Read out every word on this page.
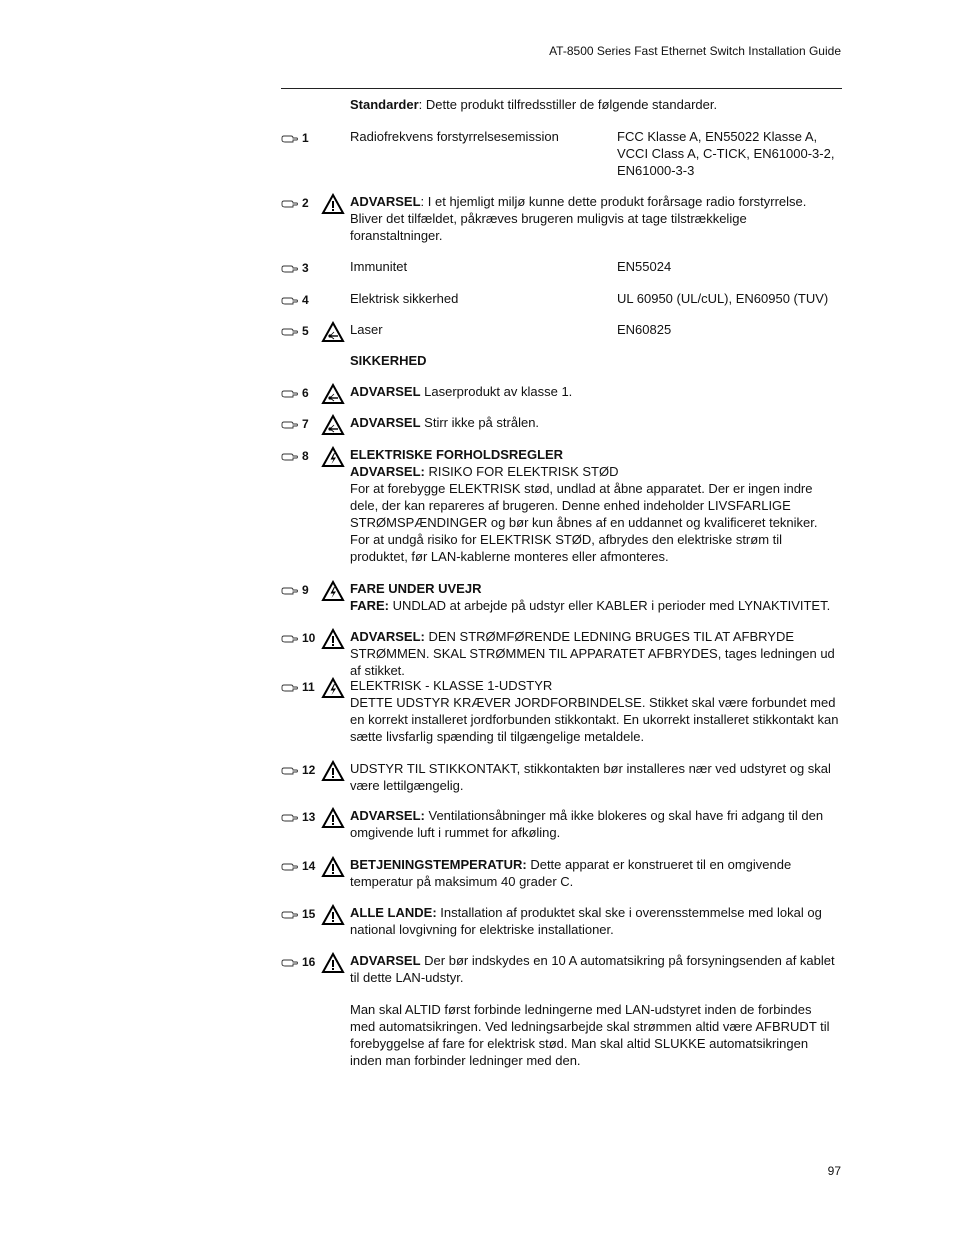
AT-8500 Series Fast Ethernet Switch Installation Guide
Standarder: Dette produkt tilfredsstiller de følgende standarder.
1	Radiofrekvens forstyrrelsesemission	FCC Klasse A, EN55022 Klasse A, VCCI Class A, C-TICK, EN61000-3-2, EN61000-3-3
2	ADVARSEL: I et hjemligt miljø kunne dette produkt forårsage radio forstyrrelse. Bliver det tilfældet, påkræves brugeren muligvis at tage tilstrækkelige foranstaltninger.
3	Immunitet	EN55024
4	Elektrisk sikkerhed	UL 60950 (UL/cUL), EN60950 (TUV)
5	Laser	EN60825
SIKKERHED
6	ADVARSEL Laserprodukt av klasse 1.
7	ADVARSEL Stirr ikke på strålen.
8	ELEKTRISKE FORHOLDSREGLER

ADVARSEL: RISIKO FOR ELEKTRISK STØD

For at forebygge ELEKTRISK stød, undlad at åbne apparatet. Der er ingen indre dele, der kan repareres af brugeren. Denne enhed indeholder LIVSFARLIGE STRØMSPÆNDINGER og bør kun åbnes af en uddannet og kvalificeret tekniker. For at undgå risiko for ELEKTRISK STØD, afbrydes den elektriske strøm til produktet, før LAN-kablerne monteres eller afmonteres.

9	FARE UNDER UVEJR

FARE: UNDLAD at arbejde på udstyr eller KABLER i perioder med LYNAKTIVITET.

10	ADVARSEL: DEN STRØMFØRENDE LEDNING BRUGES TIL AT AFBRYDE STRØMMEN. SKAL STRØMMEN TIL APPARATET AFBRYDES, tages ledningen ud af stikket.
11	ELEKTRISK - KLASSE 1-UDSTYR

DETTE UDSTYR KRÆVER JORDFORBINDELSE. Stikket skal være forbundet med en korrekt installeret jordforbunden stikkontakt. En ukorrekt installeret stikkontakt kan sætte livsfarlig spænding til tilgængelige metaldele.

12	UDSTYR TIL STIKKONTAKT, stikkontakten bør installeres nær ved udstyret og skal være lettilgængelig.
13	ADVARSEL: Ventilationsåbninger må ikke blokeres og skal have fri adgang til den omgivende luft i rummet for afkøling.
14	BETJENINGSTEMPERATUR: Dette apparat er konstrueret til en omgivende temperatur på maksimum 40 grader C.
15	ALLE LANDE: Installation af produktet skal ske i overensstemmelse med lokal og national lovgivning for elektriske installationer.
16	ADVARSEL Der bør indskydes en 10 A automatsikring på forsyningsenden af kablet til dette LAN-udstyr.

Man skal ALTID først forbinde ledningerne med LAN-udstyret inden de forbindes med automatsikringen. Ved ledningsarbejde skal strømmen altid være AFBRUDT til forebyggelse af fare for elektrisk stød. Man skal altid SLUKKE automatsikringen inden man forbinder ledninger med den.

97
